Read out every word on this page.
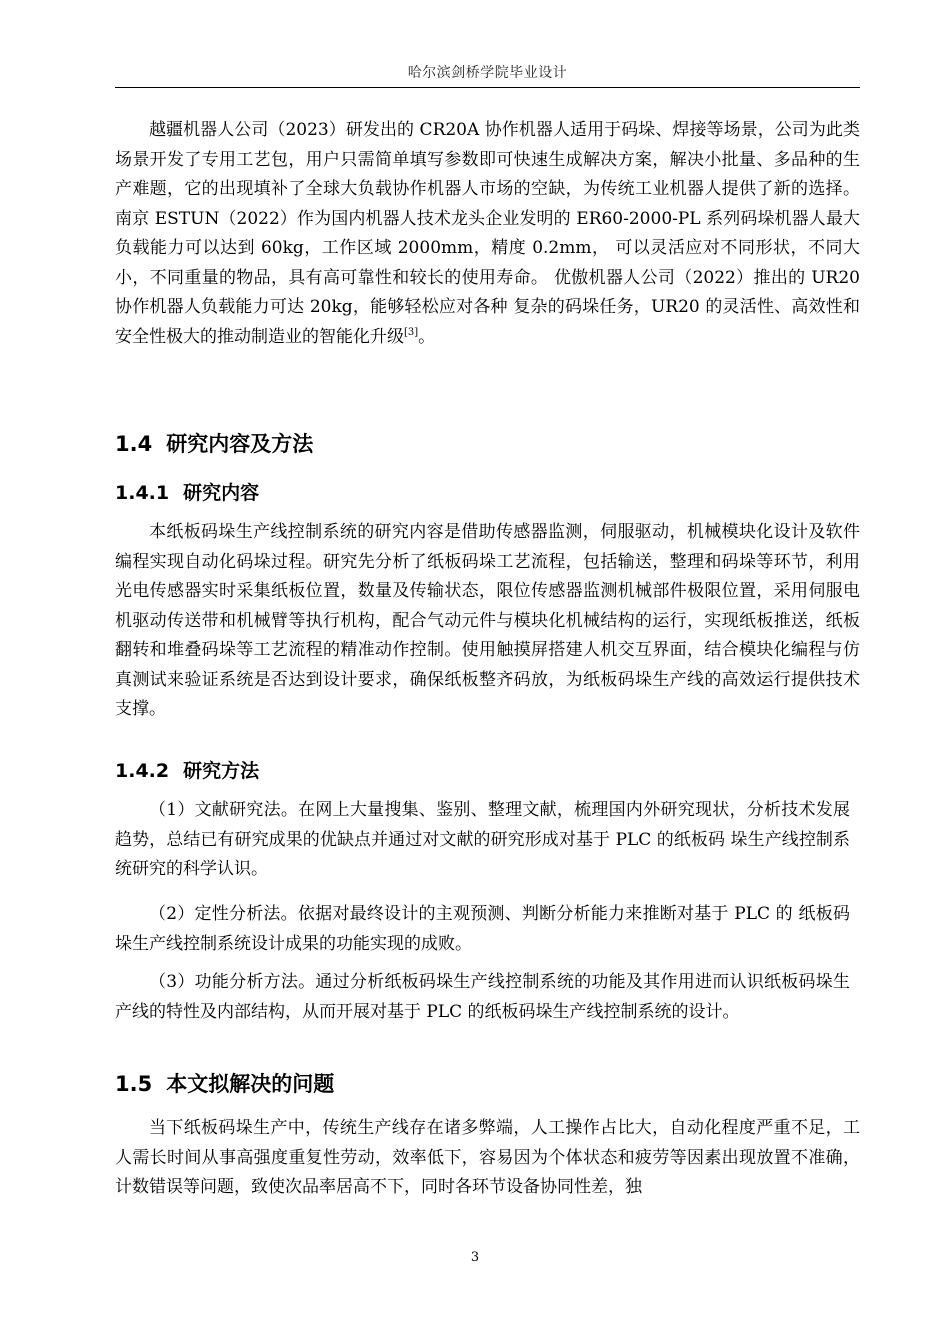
哈尔滨剑桥学院毕业设计

越疆机器人公司（2023）研发出的 CR20A 协作机器人适用于码垛、焊接等场景，公司为此类场景开发了专用工艺包，用户只需简单填写参数即可快速生成解决方案，解决小批量、多品种的生产难题，它的出现填补了全球大负载协作机器人市场的空缺，为传统工业机器人提供了新的选择。南京 ESTUN（2022）作为国内机器人技术龙头企业发明的 ER60-2000-PL 系列码垛机器人最大负载能力可以达到 60kg，工作区域 2000mm，精度 0.2mm， 可以灵活应对不同形状，不同大小，不同重量的物品，具有高可靠性和较长的使用寿命。 优傲机器人公司（2022）推出的 UR20 协作机器人负载能力可达 20kg，能够轻松应对各种 复杂的码垛任务，UR20 的灵活性、高效性和安全性极大的推动制造业的智能化升级[3]。

1.4 研究内容及方法
1.4.1 研究内容

本纸板码垛生产线控制系统的研究内容是借助传感器监测，伺服驱动，机械模块化设计及软件编程实现自动化码垛过程。研究先分析了纸板码垛工艺流程，包括输送，整理和码垛等环节，利用光电传感器实时采集纸板位置，数量及传输状态，限位传感器监测机械部件极限位置，采用伺服电机驱动传送带和机械臂等执行机构，配合气动元件与模块化机械结构的运行，实现纸板推送，纸板翻转和堆叠码垛等工艺流程的精准动作控制。使用触摸屏搭建人机交互界面，结合模块化编程与仿真测试来验证系统是否达到设计要求，确保纸板整齐码放，为纸板码垛生产线的高效运行提供技术支撑。

1.4.2 研究方法

（1）文献研究法。在网上大量搜集、鉴别、整理文献，梳理国内外研究现状，分析技术发展趋势，总结已有研究成果的优缺点并通过对文献的研究形成对基于 PLC 的纸板码 垛生产线控制系统研究的科学认识。

（2）定性分析法。依据对最终设计的主观预测、判断分析能力来推断对基于 PLC 的 纸板码垛生产线控制系统设计成果的功能实现的成败。

（3）功能分析方法。通过分析纸板码垛生产线控制系统的功能及其作用进而认识纸板码垛生产线的特性及内部结构，从而开展对基于 PLC 的纸板码垛生产线控制系统的设计。

1.5 本文拟解决的问题

当下纸板码垛生产中，传统生产线存在诸多弊端，人工操作占比大，自动化程度严重不足，工人需长时间从事高强度重复性劳动，效率低下，容易因为个体状态和疲劳等因素出现放置不准确，计数错误等问题，致使次品率居高不下，同时各环节设备协同性差，独

3
